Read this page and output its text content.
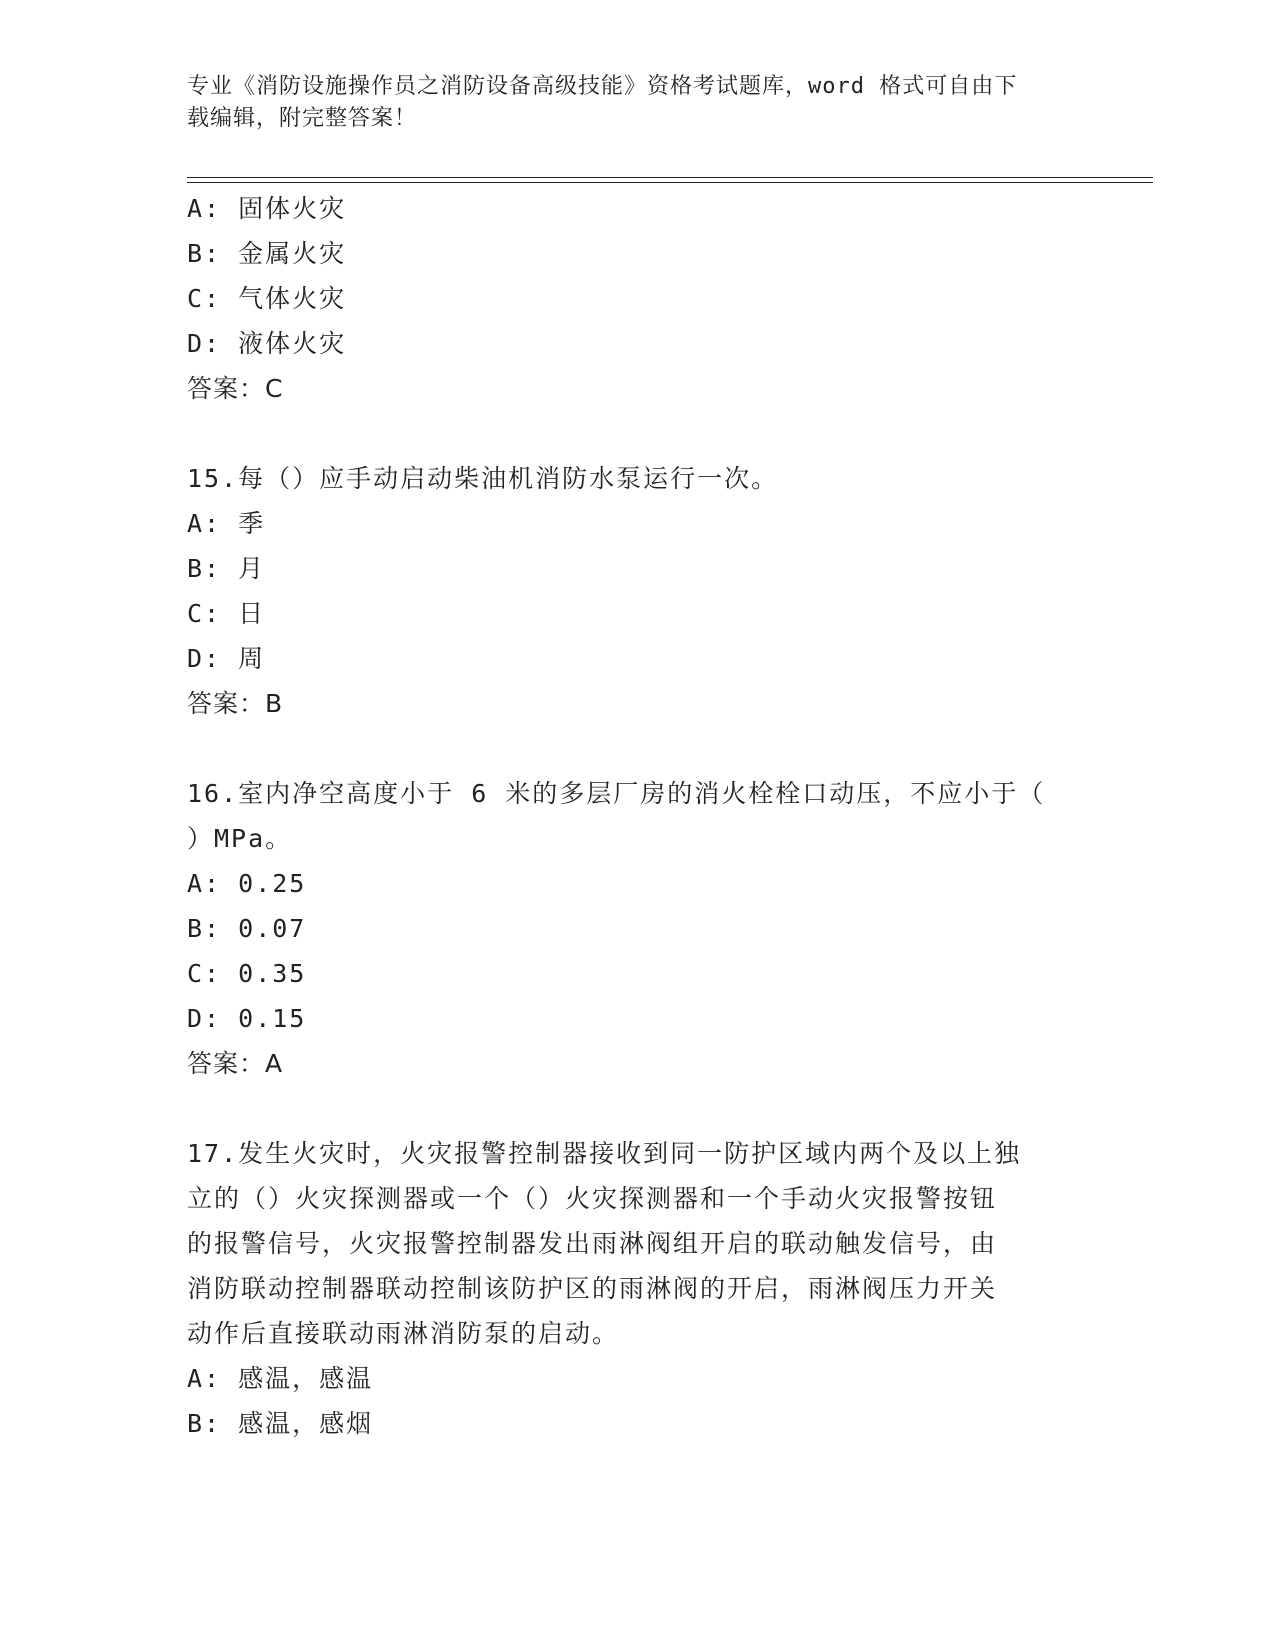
专业《消防设施操作员之消防设备高级技能》资格考试题库，word 格式可自由下
载编辑，附完整答案！
A: 固体火灾
B: 金属火灾
C: 气体火灾
D: 液体火灾
答案：C
15.每（）应手动启动柴油机消防水泵运行一次。
A: 季
B: 月
C: 日
D: 周
答案：B
16.室内净空高度小于 6 米的多层厂房的消火栓栓口动压，不应小于（
）MPa。
A: 0.25
B: 0.07
C: 0.35
D: 0.15
答案：A
17.发生火灾时，火灾报警控制器接收到同一防护区域内两个及以上独
立的（）火灾探测器或一个（）火灾探测器和一个手动火灾报警按钮
的报警信号，火灾报警控制器发出雨淋阀组开启的联动触发信号，由
消防联动控制器联动控制该防护区的雨淋阀的开启，雨淋阀压力开关
动作后直接联动雨淋消防泵的启动。
A: 感温，感温
B: 感温，感烟
